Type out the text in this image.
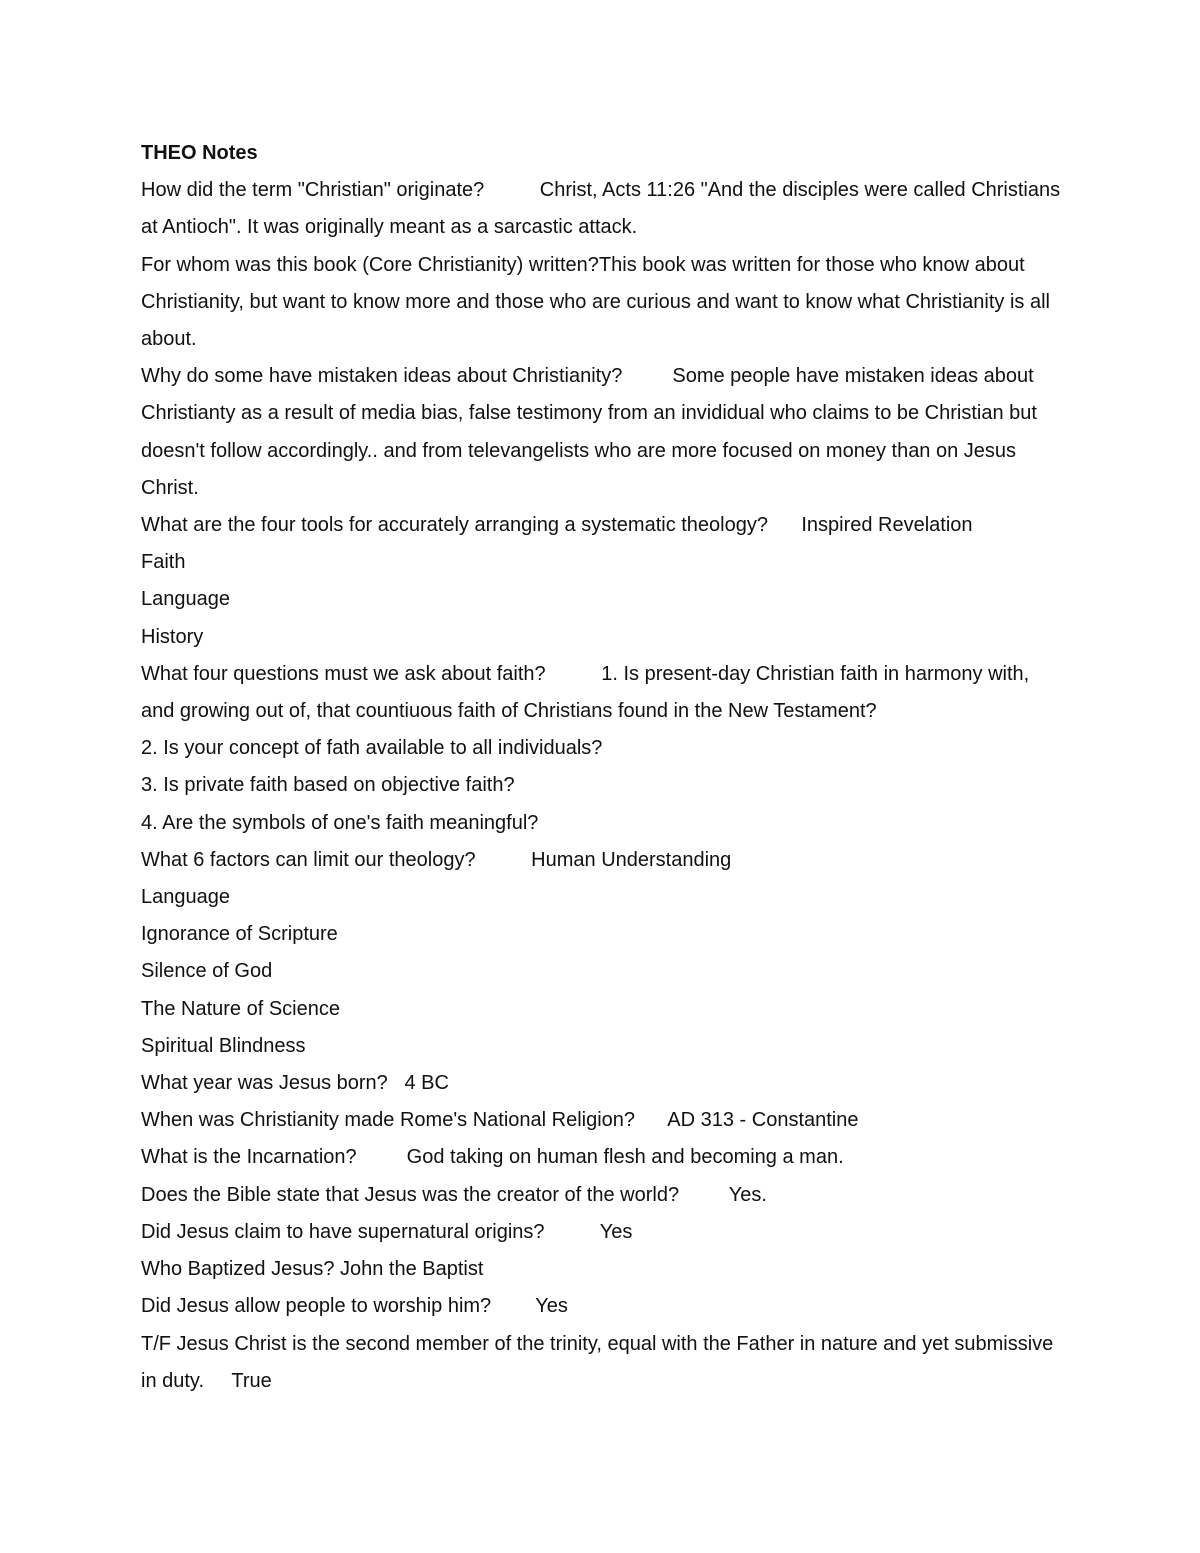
THEO Notes

How did the term "Christian" originate?          Christ, Acts 11:26 "And the disciples were called Christians at Antioch". It was originally meant as a sarcastic attack.

For whom was this book (Core Christianity) written?This book was written for those who know about Christianity, but want to know more and those who are curious and want to know what Christianity is all about.

Why do some have mistaken ideas about Christianity?         Some people have mistaken ideas about Christianty as a result of media bias, false testimony from an invididual who claims to be Christian but doesn't follow accordingly.. and from televangelists who are more focused on money than on Jesus Christ.

What are the four tools for accurately arranging a systematic theology?      Inspired Revelation

Faith

Language

History

What four questions must we ask about faith?          1. Is present-day Christian faith in harmony with, and growing out of, that countiuous faith of Christians found in the New Testament?

2. Is your concept of fath available to all individuals?

3. Is private faith based on objective faith?

4. Are the symbols of one's faith meaningful?

What 6 factors can limit our theology?          Human Understanding

Language

Ignorance of Scripture

Silence of God

The Nature of Science

Spiritual Blindness

What year was Jesus born?   4 BC

When was Christianity made Rome's National Religion?      AD 313 - Constantine

What is the Incarnation?         God taking on human flesh and becoming a man.

Does the Bible state that Jesus was the creator of the world?         Yes.

Did Jesus claim to have supernatural origins?          Yes

Who Baptized Jesus? John the Baptist

Did Jesus allow people to worship him?        Yes

T/F Jesus Christ is the second member of the trinity, equal with the Father in nature and yet submissive in duty.     True
